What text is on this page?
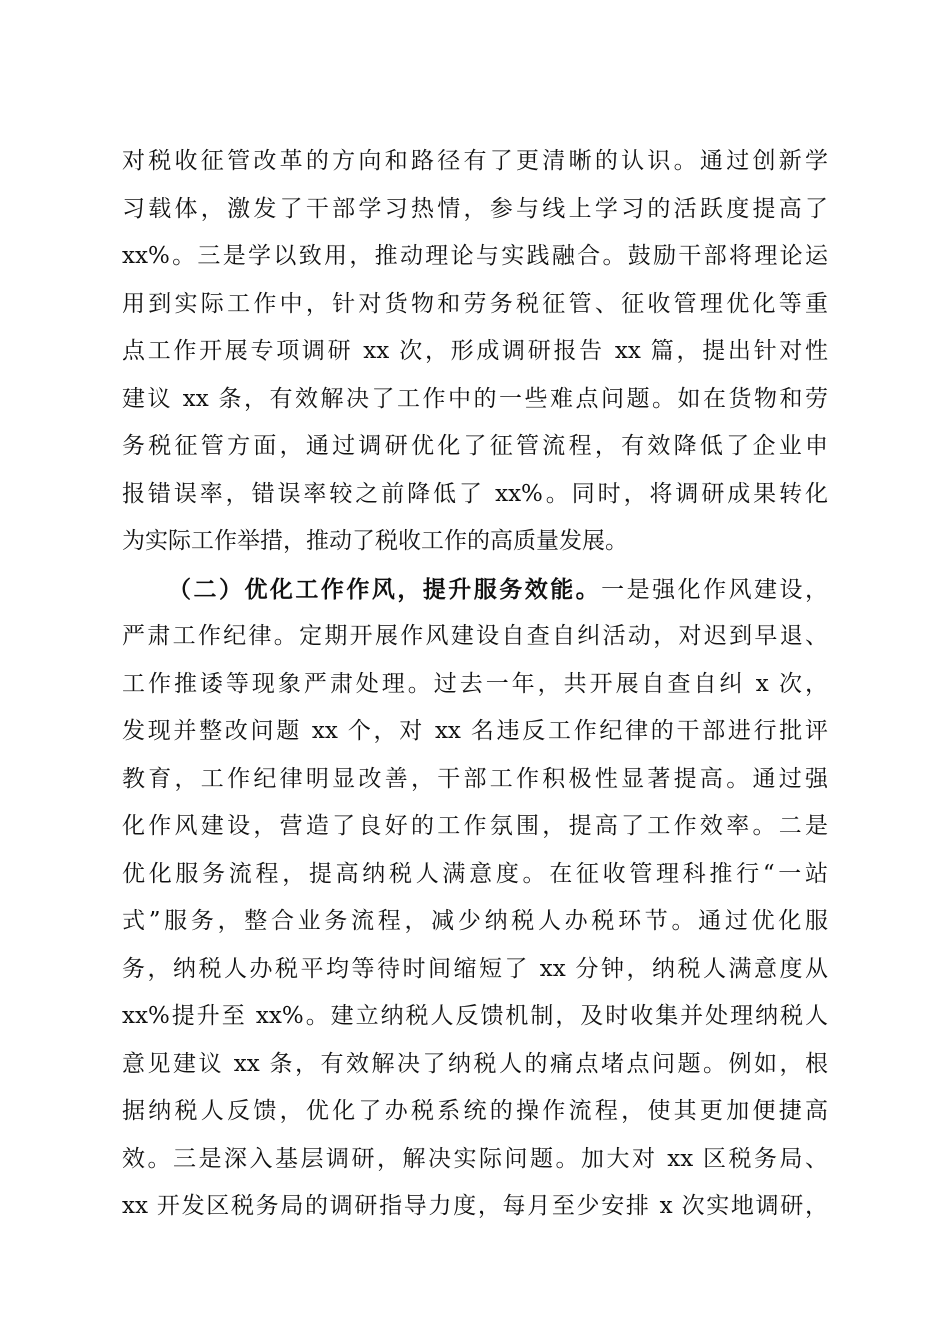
对税收征管改革的方向和路径有了更清晰的认识。通过创新学
习载体，激发了干部学习热情，参与线上学习的活跃度提高了
xx%。三是学以致用，推动理论与实践融合。鼓励干部将理论运
用到实际工作中，针对货物和劳务税征管、征收管理优化等重
点工作开展专项调研 xx 次，形成调研报告 xx 篇，提出针对性
建议 xx 条，有效解决了工作中的一些难点问题。如在货物和劳
务税征管方面，通过调研优化了征管流程，有效降低了企业申
报错误率，错误率较之前降低了 xx%。同时，将调研成果转化
为实际工作举措，推动了税收工作的高质量发展。
（二）优化工作作风，提升服务效能。一是强化作风建设，
严肃工作纪律。定期开展作风建设自查自纠活动，对迟到早退、
工作推诿等现象严肃处理。过去一年，共开展自查自纠 x 次，
发现并整改问题 xx 个，对 xx 名违反工作纪律的干部进行批评
教育，工作纪律明显改善，干部工作积极性显著提高。通过强
化作风建设，营造了良好的工作氛围，提高了工作效率。二是
优化服务流程，提高纳税人满意度。在征收管理科推行“一站
式”服务，整合业务流程，减少纳税人办税环节。通过优化服
务，纳税人办税平均等待时间缩短了 xx 分钟，纳税人满意度从
xx%提升至 xx%。建立纳税人反馈机制，及时收集并处理纳税人
意见建议 xx 条，有效解决了纳税人的痛点堵点问题。例如，根
据纳税人反馈，优化了办税系统的操作流程，使其更加便捷高
效。三是深入基层调研，解决实际问题。加大对 xx 区税务局、
xx 开发区税务局的调研指导力度，每月至少安排 x 次实地调研，
